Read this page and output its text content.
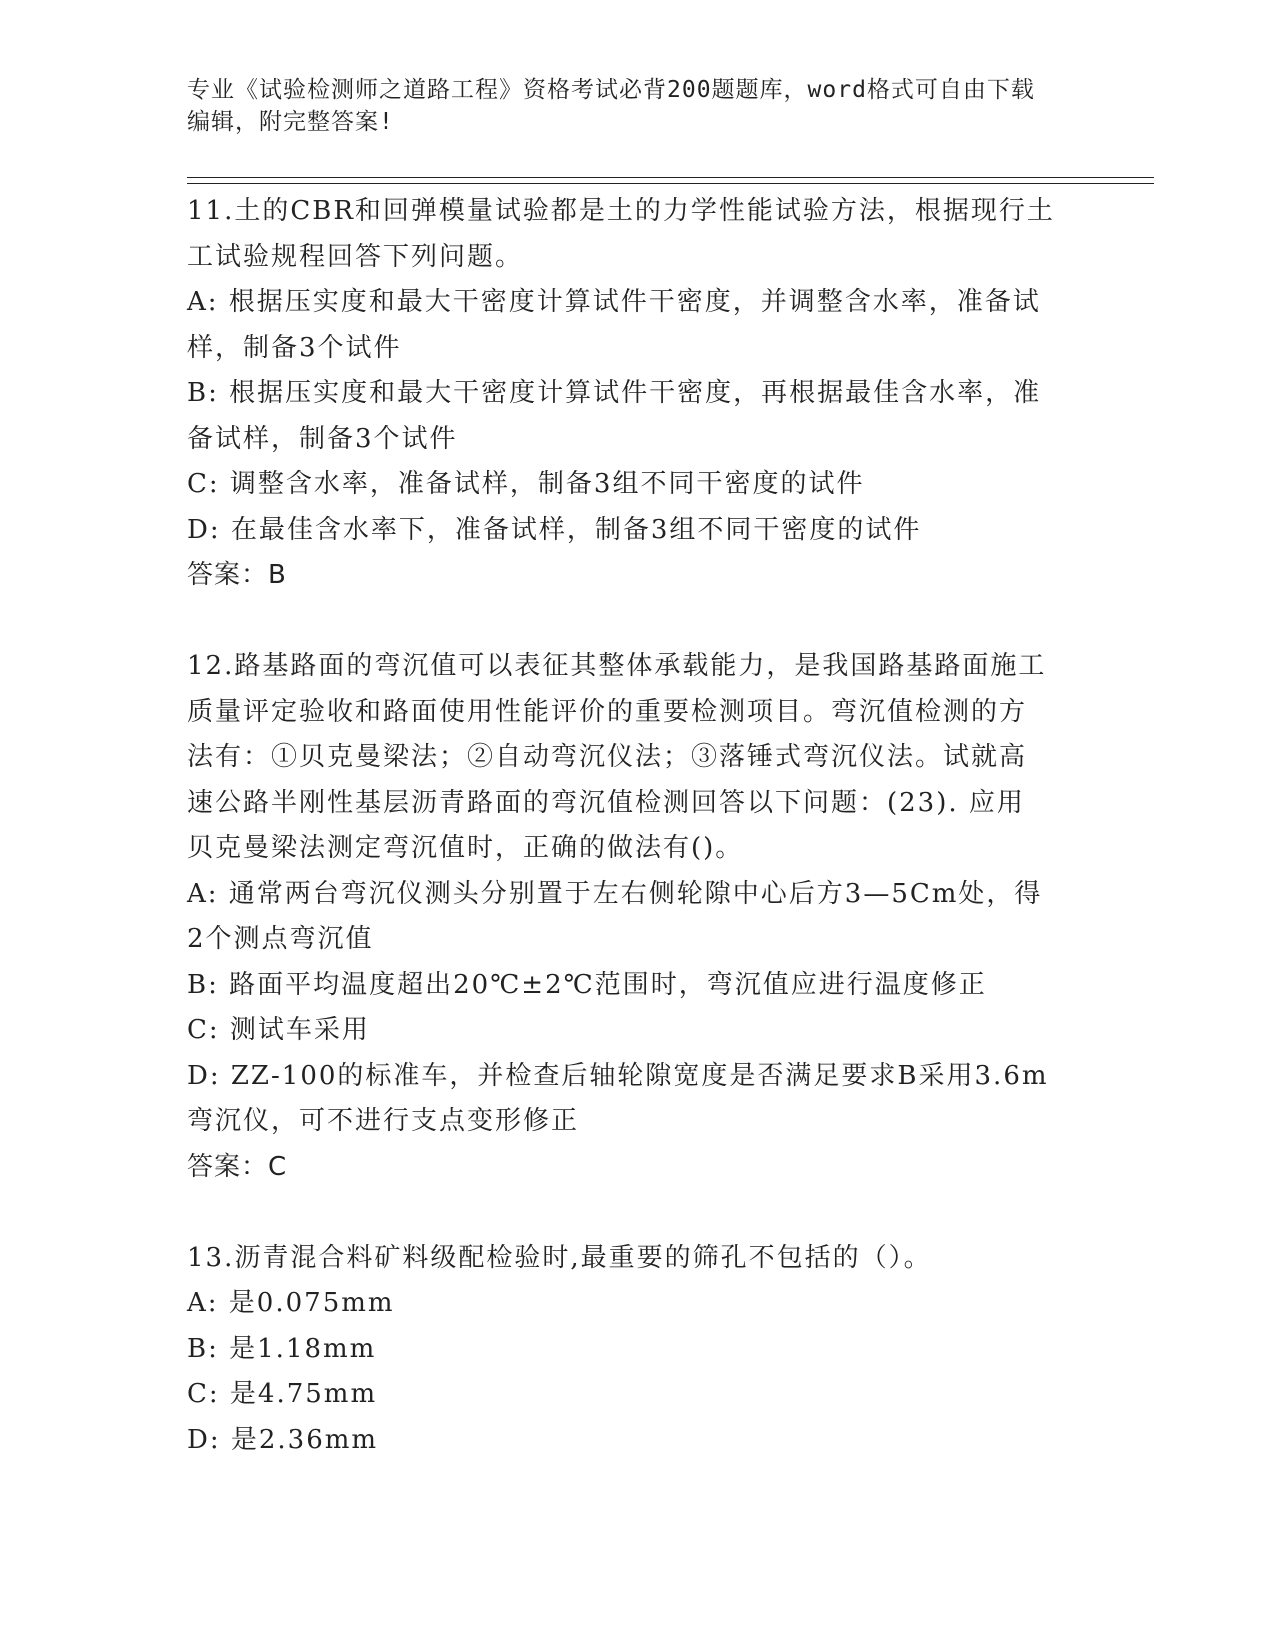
专业《试验检测师之道路工程》资格考试必背200题题库，word格式可自由下载
编辑，附完整答案!
11.土的CBR和回弹模量试验都是土的力学性能试验方法，根据现行土
工试验规程回答下列问题。
A: 根据压实度和最大干密度计算试件干密度，并调整含水率，准备试
样，制备3个试件
B: 根据压实度和最大干密度计算试件干密度，再根据最佳含水率，准
备试样，制备3个试件
C: 调整含水率，准备试样，制备3组不同干密度的试件
D: 在最佳含水率下，准备试样，制备3组不同干密度的试件
答案：B
12.路基路面的弯沉值可以表征其整体承载能力，是我国路基路面施工
质量评定验收和路面使用性能评价的重要检测项目。弯沉值检测的方
法有：①贝克曼梁法；②自动弯沉仪法；③落锤式弯沉仪法。试就高
速公路半刚性基层沥青路面的弯沉值检测回答以下问题：(23). 应用
贝克曼梁法测定弯沉值时，正确的做法有()。
A: 通常两台弯沉仪测头分别置于左右侧轮隙中心后方3—5Cm处，得
2个测点弯沉值
B: 路面平均温度超出20℃±2℃范围时，弯沉值应进行温度修正
C: 测试车采用
D: ZZ-100的标准车，并检查后轴轮隙宽度是否满足要求B采用3.6m
弯沉仪，可不进行支点变形修正
答案：C
13.沥青混合料矿料级配检验时,最重要的筛孔不包括的（）。
A: 是0.075mm
B: 是1.18mm
C: 是4.75mm
D: 是2.36mm
